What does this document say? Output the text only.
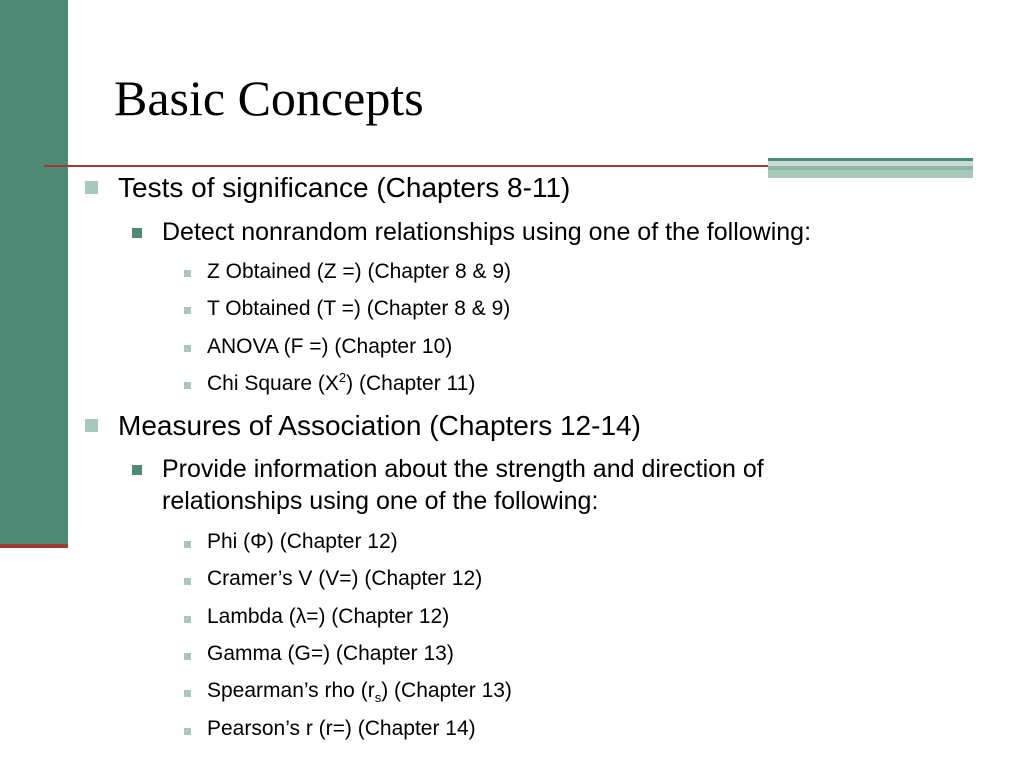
Basic Concepts
Tests of significance (Chapters 8-11)
Detect nonrandom relationships using one of the following:
Z Obtained (Z =) (Chapter 8 & 9)
T Obtained (T =) (Chapter 8 & 9)
ANOVA (F =) (Chapter 10)
Chi Square $(X^2)$ (Chapter 11)
Measures of Association (Chapters 12-14)
Provide information about the strength and direction of
relationships using one of the following:
Phi (Φ) (Chapter 12)
Cramer’s V (V=) (Chapter 12)
Lambda (λ=) (Chapter 12)
Gamma (G=) (Chapter 13)
Spearman’s rho $(r_s)$ (Chapter 13)
Pearson’s r (r=) (Chapter 14)
